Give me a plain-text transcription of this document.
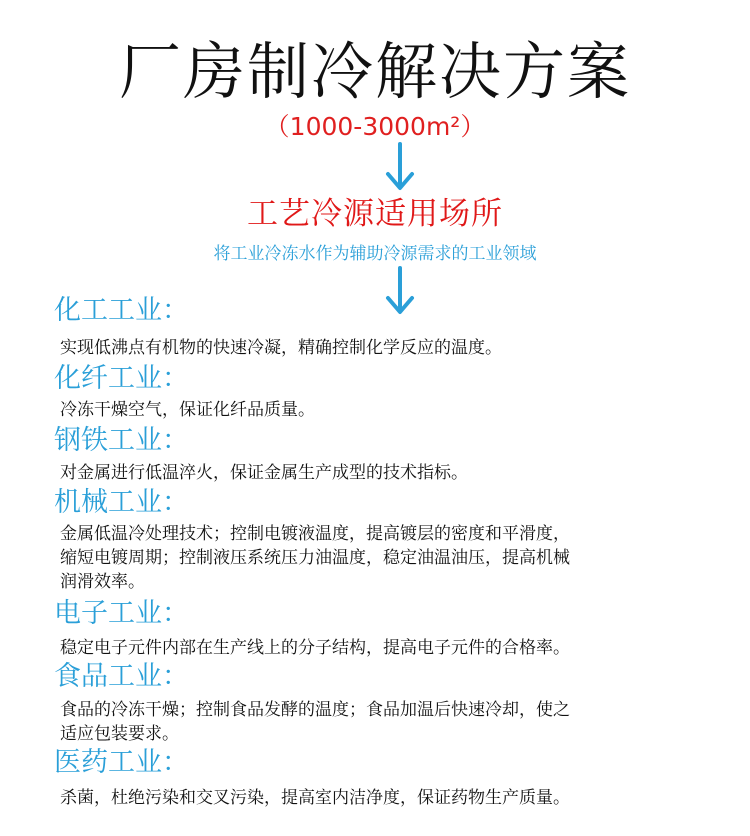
厂房制冷解决方案
（1000-3000m²）
工艺冷源适用场所
将工业冷冻水作为辅助冷源需求的工业领域
化工工业：
实现低沸点有机物的快速冷凝，精确控制化学反应的温度。
化纤工业：
冷冻干燥空气，保证化纤品质量。
钢铁工业：
对金属进行低温淬火，保证金属生产成型的技术指标。
机械工业：
金属低温冷处理技术；控制电镀液温度，提高镀层的密度和平滑度，
缩短电镀周期；控制液压系统压力油温度，稳定油温油压，提高机械
润滑效率。
电子工业：
稳定电子元件内部在生产线上的分子结构，提高电子元件的合格率。
食品工业：
食品的冷冻干燥；控制食品发酵的温度；食品加温后快速冷却，使之
适应包装要求。
医药工业：
杀菌，杜绝污染和交叉污染，提高室内洁净度，保证药物生产质量。
